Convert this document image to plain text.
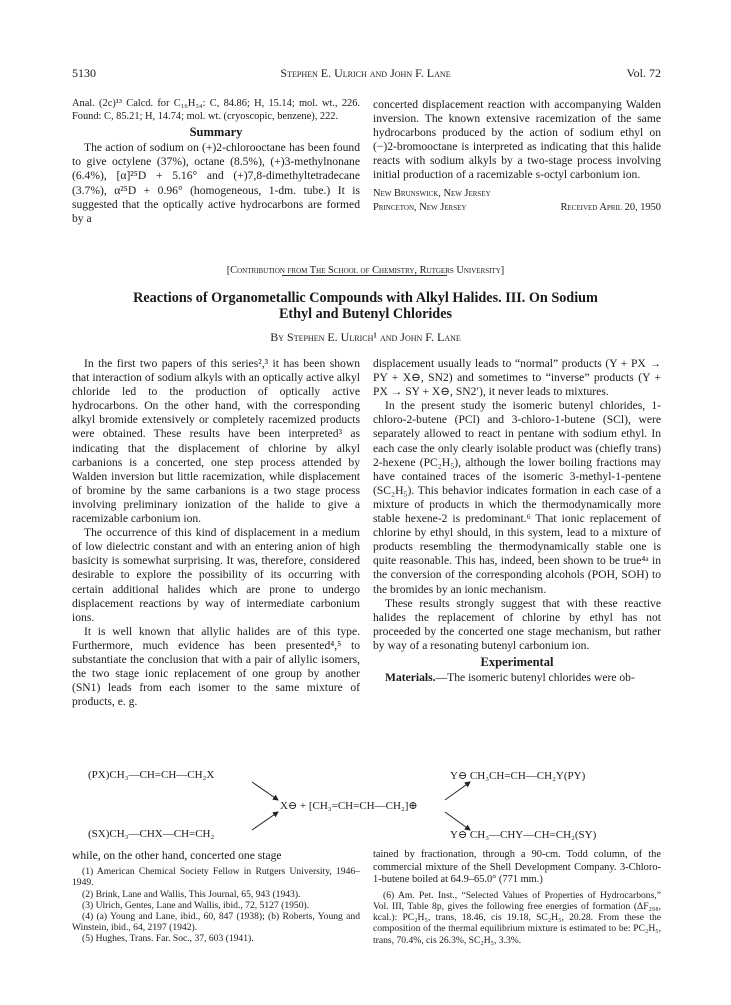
5130	Stephen E. Ulrich and John F. Lane	Vol. 72

Anal. (2c)¹³ Calcd. for C₁₆H₃₄: C, 84.86; H, 15.14; mol. wt., 226. Found: C, 85.21; H, 14.74; mol. wt. (cryoscopic, benzene), 222.

Summary

The action of sodium on (+)2-chlorooctane has been found to give octylene (37%), octane (8.5%), (+)3-methylnonane (6.4%), [α]²⁵D + 5.16° and (+)7,8-dimethyltetradecane (3.7%), α²⁵D + 0.96° (homogeneous, 1-dm. tube.) It is suggested that the optically active hydrocarbons are formed by a

concerted displacement reaction with accompanying Walden inversion. The known extensive racemization of the same hydrocarbons produced by the action of sodium ethyl on (−)2-bromooctane is interpreted as indicating that this halide reacts with sodium alkyls by a two-stage process involving initial production of a racemizable s-octyl carbonium ion.

New Brunswick, New Jersey
Princeton, New Jersey	Received April 20, 1950
[Contribution from The School of Chemistry, Rutgers University]
Reactions of Organometallic Compounds with Alkyl Halides. III. On Sodium
Ethyl and Butenyl Chlorides
By Stephen E. Ulrich¹ and John F. Lane

In the first two papers of this series²,³ it has been shown that interaction of sodium alkyls with an optically active alkyl chloride led to the production of optically active hydrocarbons. On the other hand, with the corresponding alkyl bromide extensively or completely racemized products were obtained. These results have been interpreted³ as indicating that the displacement of chlorine by alkyl carbanions is a concerted, one step process attended by Walden inversion but little racemization, while displacement of bromine by the same carbanions is a two stage process involving preliminary ionization of the halide to give a racemizable carbonium ion.

The occurrence of this kind of displacement in a medium of low dielectric constant and with an entering anion of high basicity is somewhat surprising. It was, therefore, considered desirable to explore the possibility of its occurring with certain additional halides which are prone to undergo displacement reactions by way of intermediate carbonium ions.

It is well known that allylic halides are of this type. Furthermore, much evidence has been presented⁴,⁵ to substantiate the conclusion that with a pair of allylic isomers, the two stage ionic replacement of one group by another (SN1) leads from each isomer to the same mixture of products, e. g.

displacement usually leads to “normal” products (Y + PX → PY + X⊖, SN2) and sometimes to “inverse” products (Y + PX → SY + X⊖, SN2′), it never leads to mixtures.

In the present study the isomeric butenyl chlorides, 1-chloro-2-butene (PCl) and 3-chloro-1-butene (SCl), were separately allowed to react in pentane with sodium ethyl. In each case the only clearly isolable product was (chiefly trans) 2-hexene (PC₂H₅), although the lower boiling fractions may have contained traces of the isomeric 3-methyl-1-pentene (SC₂H₅). This behavior indicates formation in each case of a mixture of products in which the thermodynamically more stable hexene-2 is predominant.⁶ That ionic replacement of chlorine by ethyl should, in this system, lead to a mixture of products resembling the thermodynamically stable one is quite reasonable. This has, indeed, been shown to be true⁴ᵃ in the conversion of the corresponding alcohols (POH, SOH) to the bromides by an ionic mechanism.

These results strongly suggest that with these reactive halides the replacement of chlorine by ethyl has not proceeded by the concerted one stage mechanism, but rather by way of a resonating butenyl carbonium ion.

Experimental

Materials.—The isomeric butenyl chlorides were ob-

(PX)CH₃—CH=CH—CH₂X
(SX)CH₃—CHX—CH=CH₂
X⊖ + [CH₃=CH=CH—CH₂]⊕
Y⊖ CH₃CH=CH—CH₂Y(PY)
Y⊖ CH₃—CHY—CH=CH₂(SY)

while, on the other hand, concerted one stage

(1) American Chemical Society Fellow in Rutgers University, 1946–1949.

(2) Brink, Lane and Wallis, This Journal, 65, 943 (1943).

(3) Ulrich, Gentes, Lane and Wallis, ibid., 72, 5127 (1950).

(4) (a) Young and Lane, ibid., 60, 847 (1938); (b) Roberts, Young and Winstein, ibid., 64, 2197 (1942).

(5) Hughes, Trans. Far. Soc., 37, 603 (1941).

tained by fractionation, through a 90-cm. Todd column, of the commercial mixture of the Shell Development Company. 3-Chloro-1-butene boiled at 64.9–65.0° (771 mm.)

(6) Am. Pet. Inst., “Selected Values of Properties of Hydrocarbons,” Vol. III, Table 8p, gives the following free energies of formation (ΔF₂₉₈, kcal.): PC₂H₅, trans, 18.46, cis 19.18, SC₂H₅, 20.28. From these the composition of the thermal equilibrium mixture is estimated to be: PC₂H₅, trans, 70.4%, cis 26.3%, SC₂H₅, 3.3%.
